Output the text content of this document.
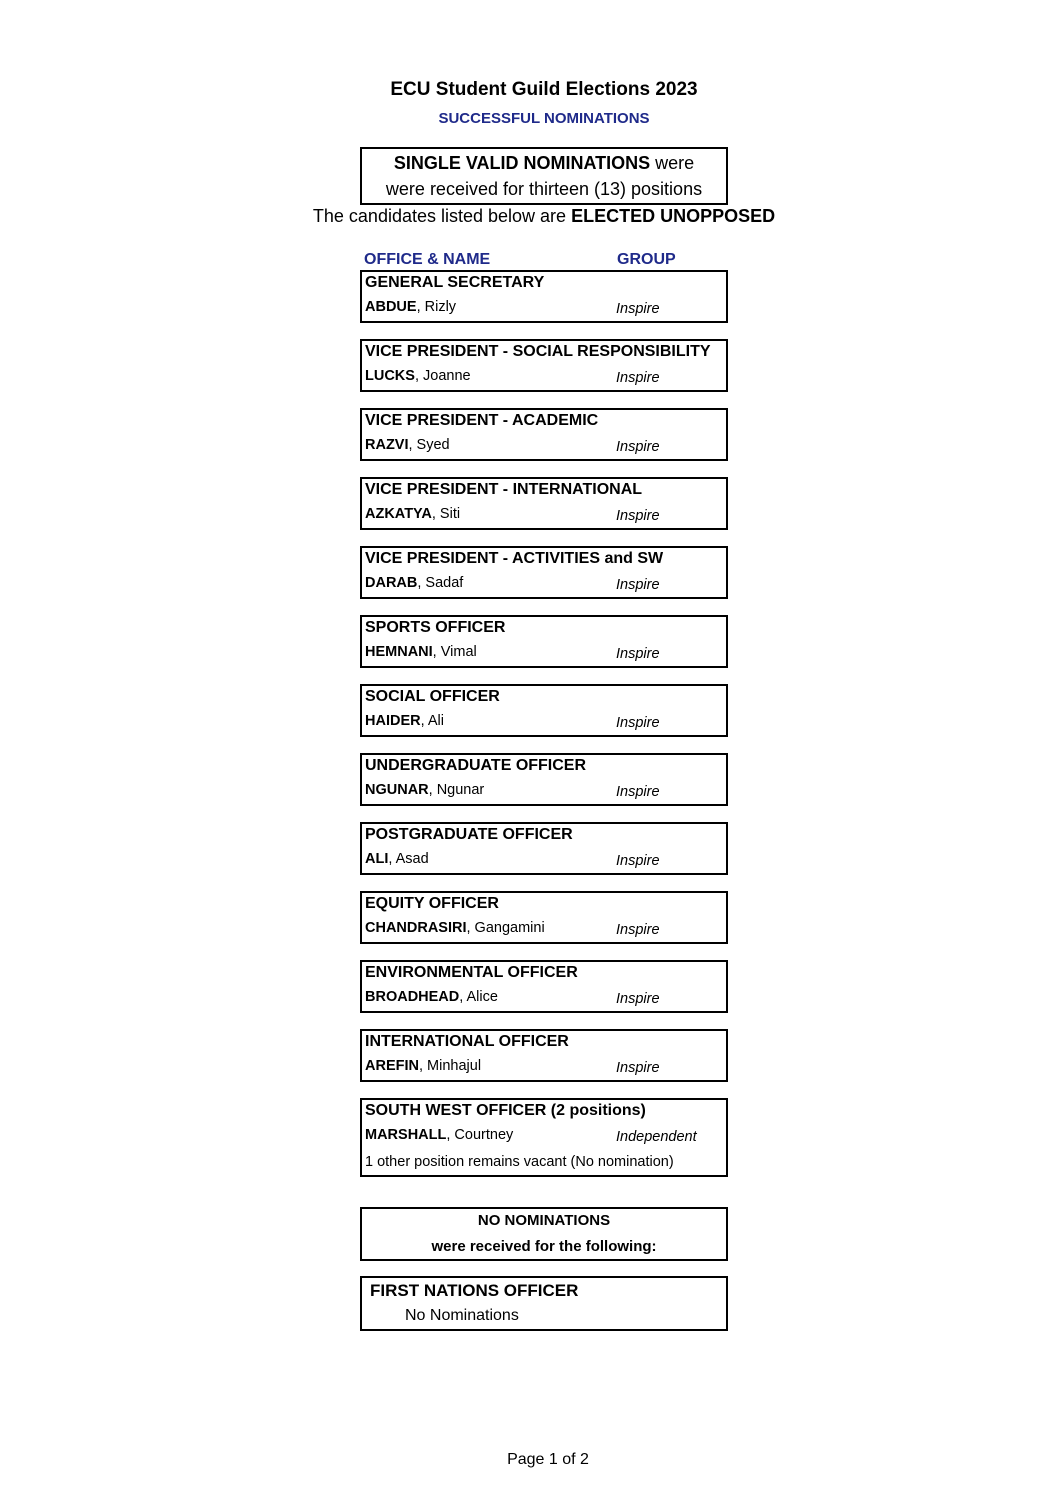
ECU Student Guild Elections 2023
SUCCESSFUL NOMINATIONS
SINGLE VALID NOMINATIONS were
were received for thirteen (13) positions
The candidates listed below are ELECTED UNOPPOSED
OFFICE & NAME	GROUP
GENERAL SECRETARY
ABDUE, Rizly	Inspire
VICE PRESIDENT - SOCIAL RESPONSIBILITY
LUCKS, Joanne	Inspire
VICE PRESIDENT - ACADEMIC
RAZVI, Syed	Inspire
VICE PRESIDENT - INTERNATIONAL
AZKATYA, Siti	Inspire
VICE PRESIDENT - ACTIVITIES and SW
DARAB, Sadaf	Inspire
SPORTS OFFICER
HEMNANI, Vimal	Inspire
SOCIAL OFFICER
HAIDER, Ali	Inspire
UNDERGRADUATE OFFICER
NGUNAR, Ngunar	Inspire
POSTGRADUATE OFFICER
ALI, Asad	Inspire
EQUITY OFFICER
CHANDRASIRI, Gangamini	Inspire
ENVIRONMENTAL OFFICER
BROADHEAD, Alice	Inspire
INTERNATIONAL OFFICER
AREFIN, Minhajul	Inspire
SOUTH WEST OFFICER (2 positions)
MARSHALL, Courtney	Independent
1 other position remains vacant (No nomination)
NO NOMINATIONS
were received for the following:
FIRST NATIONS OFFICER
No Nominations
Page 1 of 2
